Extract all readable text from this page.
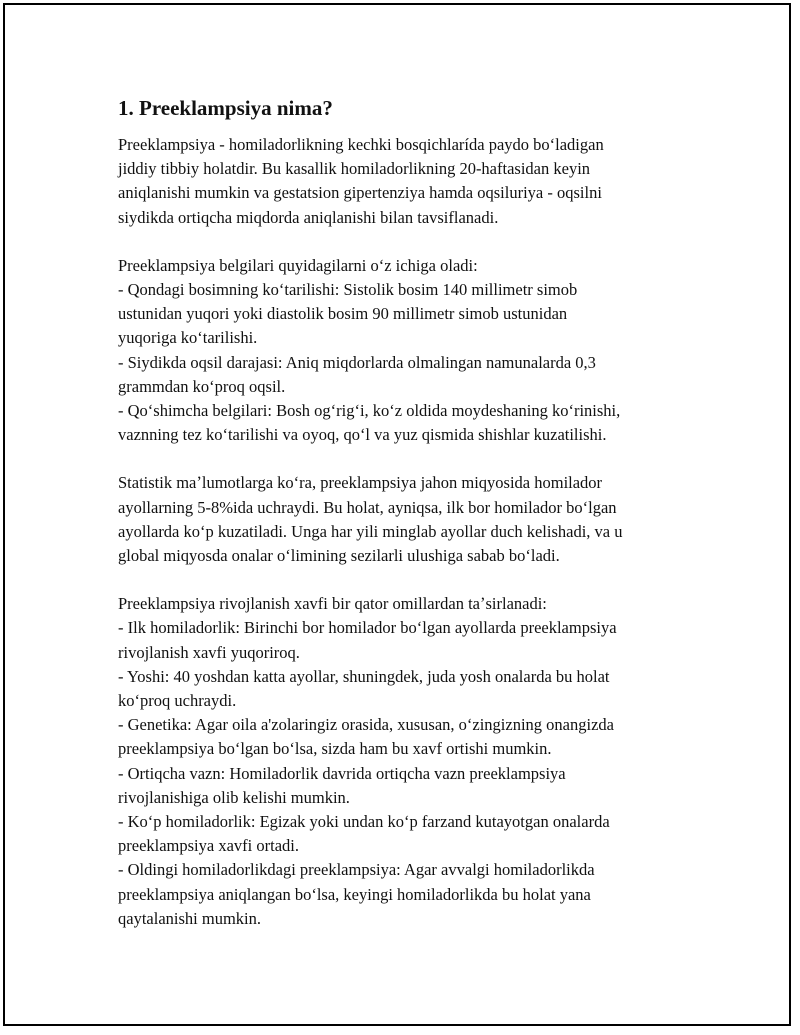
1. Preeklampsiya nima?

Preeklampsiya - homiladorlikning kechki bosqichlarída paydo boʻladigan
jiddiy tibbiy holatdir. Bu kasallik homiladorlikning 20-haftasidan keyin
aniqlanishi mumkin va gestatsion gipertenziya hamda oqsiluriya - oqsilni
siydikda ortiqcha miqdorda aniqlanishi bilan tavsiflanadi.

Preeklampsiya belgilari quyidagilarni oʻz ichiga oladi:
- Qondagi bosimning koʻtarilishi: Sistolik bosim 140 millimetr simob
ustunidan yuqori yoki diastolik bosim 90 millimetr simob ustunidan
yuqoriga koʻtarilishi.
- Siydikda oqsil darajasi: Aniq miqdorlarda olmalingan namunalarda 0,3
grammdan koʻproq oqsil.
- Qoʻshimcha belgilari: Bosh ogʻrigʻi, koʻz oldida moydeshaning koʻrinishi,
vaznning tez koʻtarilishi va oyoq, qoʻl va yuz qismida shishlar kuzatilishi.

Statistik maʼlumotlarga koʻra, preeklampsiya jahon miqyosida homilador
ayollarning 5-8%ida uchraydi. Bu holat, ayniqsa, ilk bor homilador boʻlgan
ayollarda koʻp kuzatiladi. Unga har yili minglab ayollar duch kelishadi, va u
global miqyosda onalar oʻlimining sezilarli ulushiga sabab boʻladi.

Preeklampsiya rivojlanish xavfi bir qator omillardan taʼsirlanadi:
- Ilk homiladorlik: Birinchi bor homilador boʻlgan ayollarda preeklampsiya
rivojlanish xavfi yuqoriroq.
- Yoshi: 40 yoshdan katta ayollar, shuningdek, juda yosh onalarda bu holat
koʻproq uchraydi.
- Genetika: Agar oila a'zolaringiz orasida, xususan, oʻzingizning onangizda
preeklampsiya boʻlgan boʻlsa, sizda ham bu xavf ortishi mumkin.
- Ortiqcha vazn: Homiladorlik davrida ortiqcha vazn preeklampsiya
rivojlanishiga olib kelishi mumkin.
- Koʻp homiladorlik: Egizak yoki undan koʻp farzand kutayotgan onalarda
preeklampsiya xavfi ortadi.
- Oldingi homiladorlikdagi preeklampsiya: Agar avvalgi homiladorlikda
preeklampsiya aniqlangan boʻlsa, keyingi homiladorlikda bu holat yana
qaytalanishi mumkin.
